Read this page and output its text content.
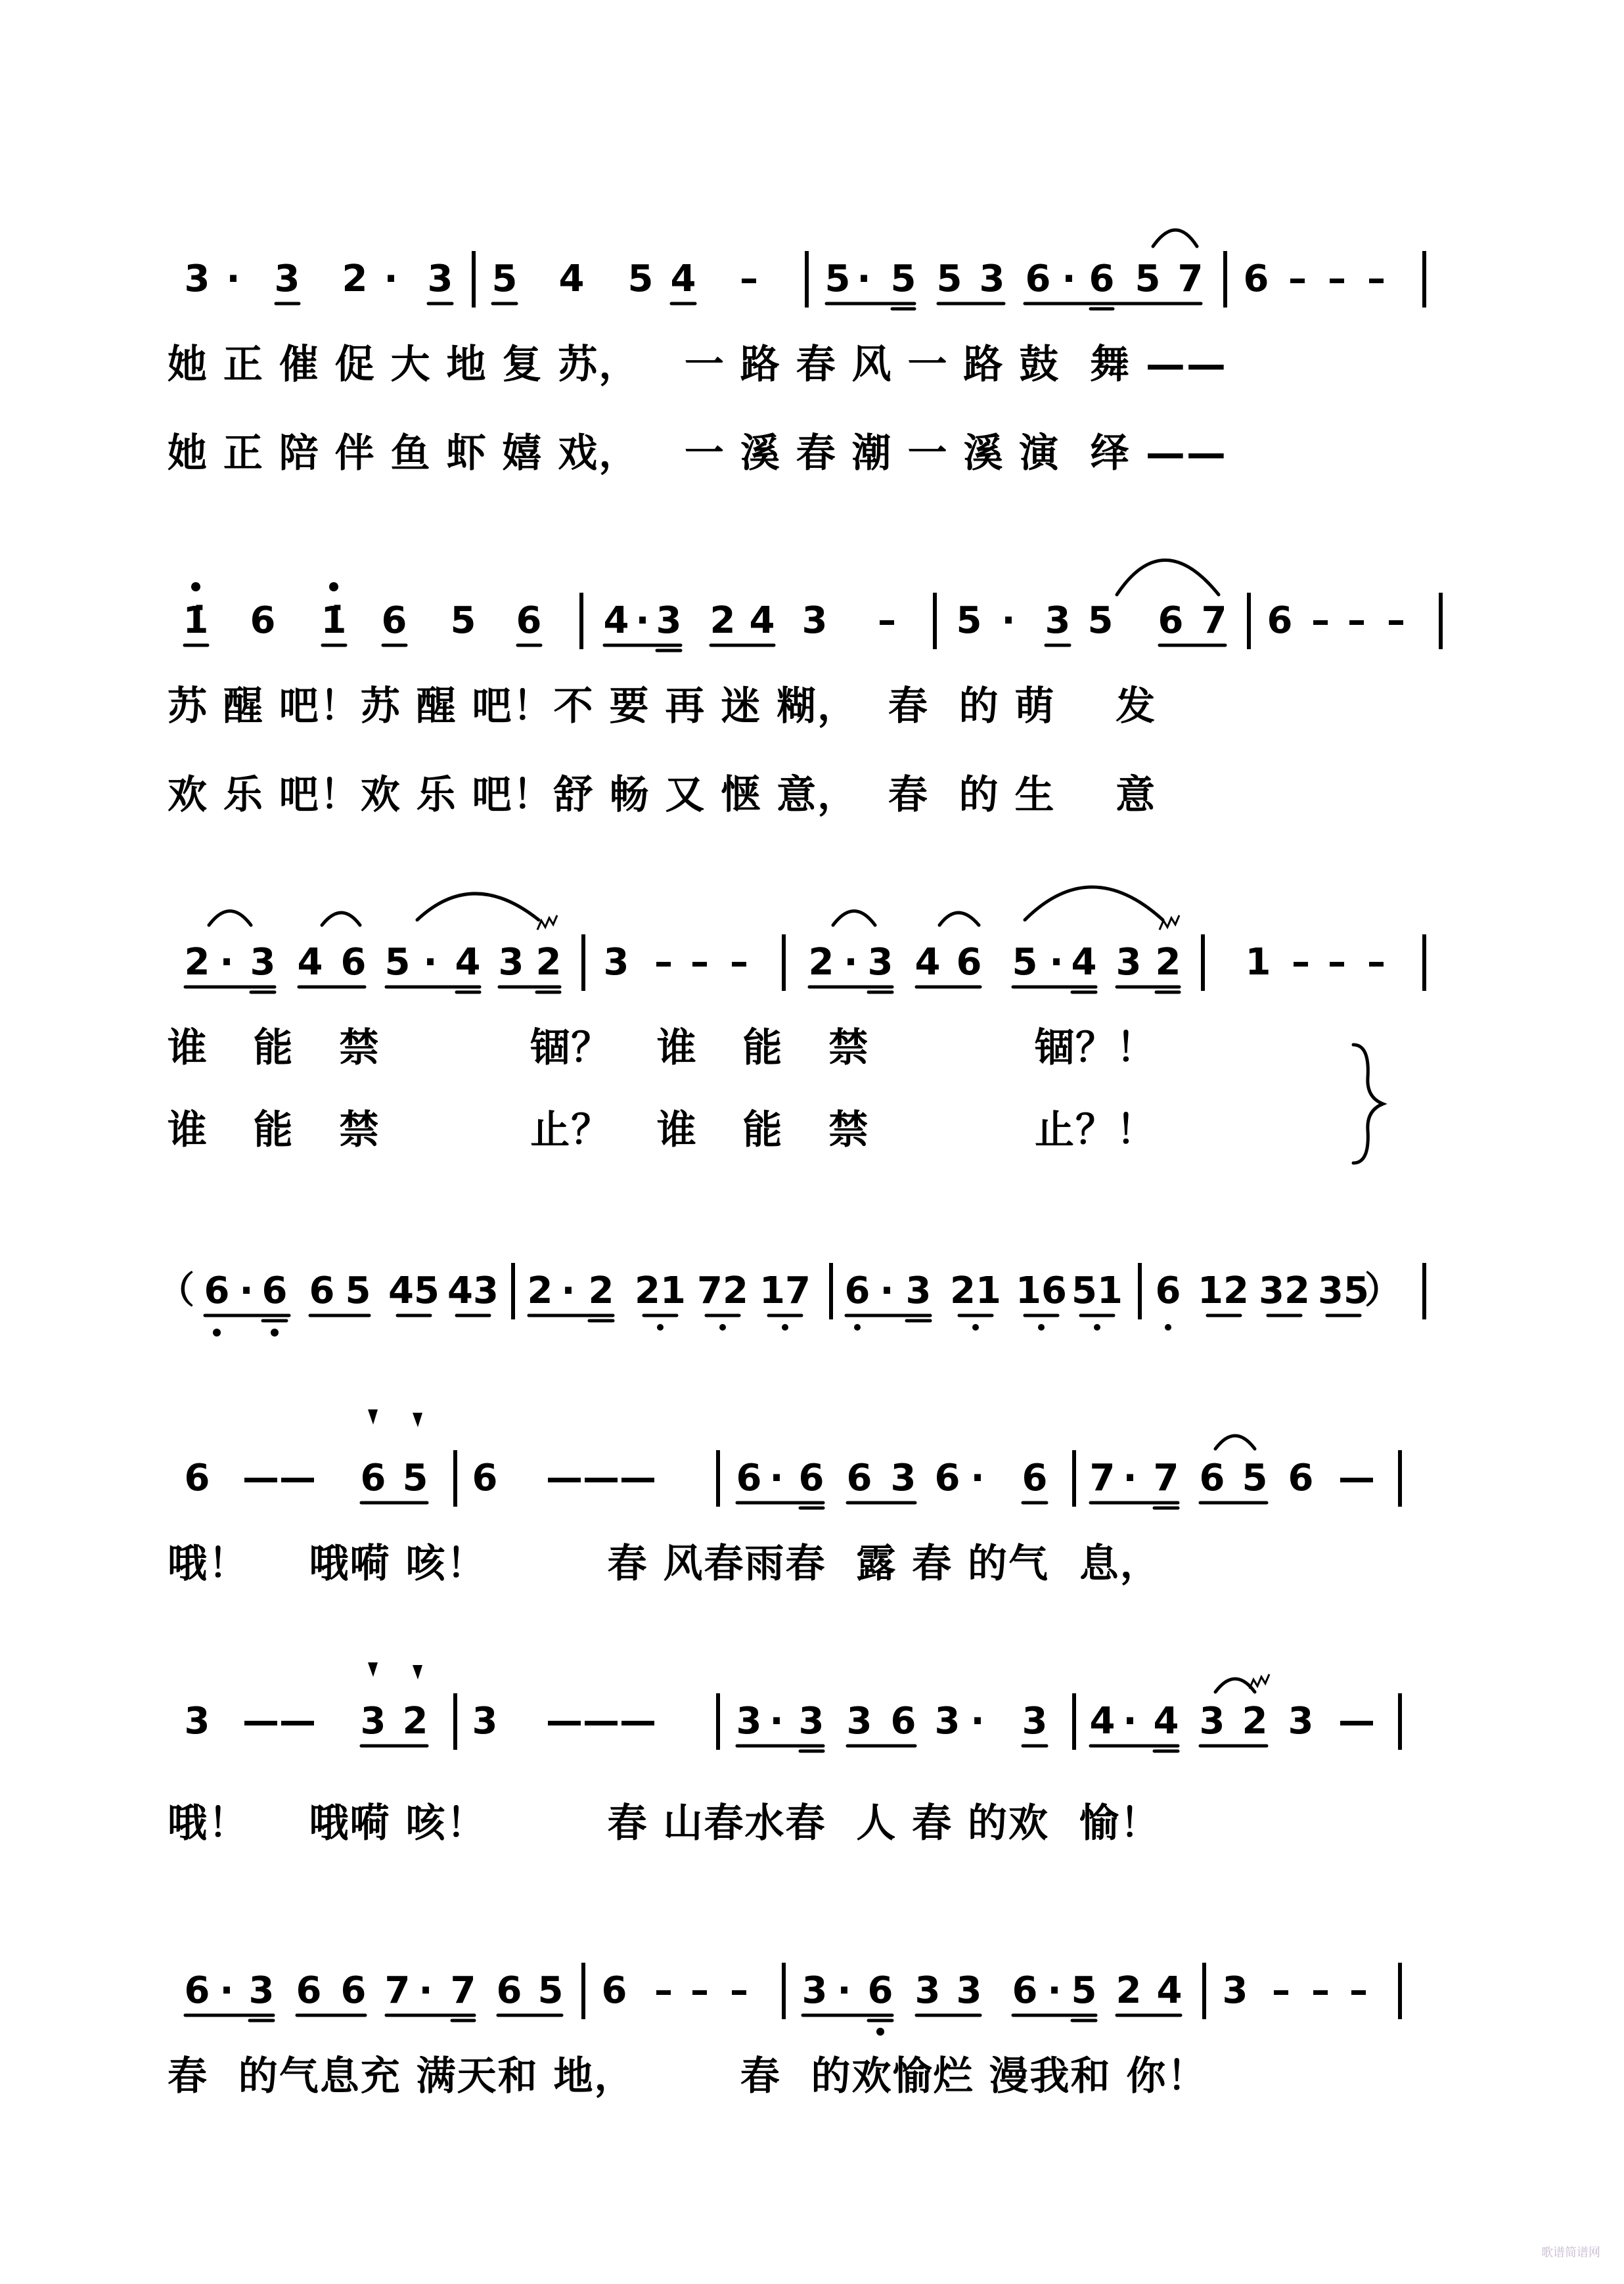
3 · 3 2 · 3 5 4 5 4 – 5 · 5 5 3 6 · 6 5 7 6 – – –
她 正 催 促 大 地 复 苏，   一 路 春 风 一 路 鼓  舞 ——
她 正 陪 伴 鱼 虾 嬉 戏，   一 溪 春 潮 一 溪 演  绎 ——
1̇ 6 1̇ 6 5 6 4 · 3 2 4 3 – 5 · 3 5 6 7 6 – – –
苏 醒 吧！苏 醒 吧！不 要 再 迷 糊，  春  的 萌    发
欢 乐 吧！欢 乐 吧！舒 畅 又 惬 意，  春  的 生    意
2 · 3 4 6 5 · 4 3 2 3 – – – 2 · 3 4 6 5 · 4 3 2 1 – – –
谁   能   禁          锢？   谁   能   禁           锢？！
谁   能   禁          止？   谁   能   禁           止？！
（ 6 · 6 6 5 45 43 2 · 2 21 72 17 6 · 3 21 16 51 6 12 32 35
）
6 —— 6 5 6 ——— 6 · 6 6 3 6 · 6 7 · 7 6 5 6 —
哦！    哦嗬 咳！        春 风春雨春  露 春 的气  息，
3 —— 3 2 3 ——— 3 · 3 3 6 3 · 3 4 · 4 3 2 3 —
哦！    哦嗬 咳！        春 山春水春  人 春 的欢  愉！
6 · 3 6 6 7 · 7 6 5 6 – – – 3 · 6 3 3 6 · 5 2 4 3 – – –
春  的气息充 满天和 地，       春  的欢愉烂 漫我和 你！
歌谱简谱网
